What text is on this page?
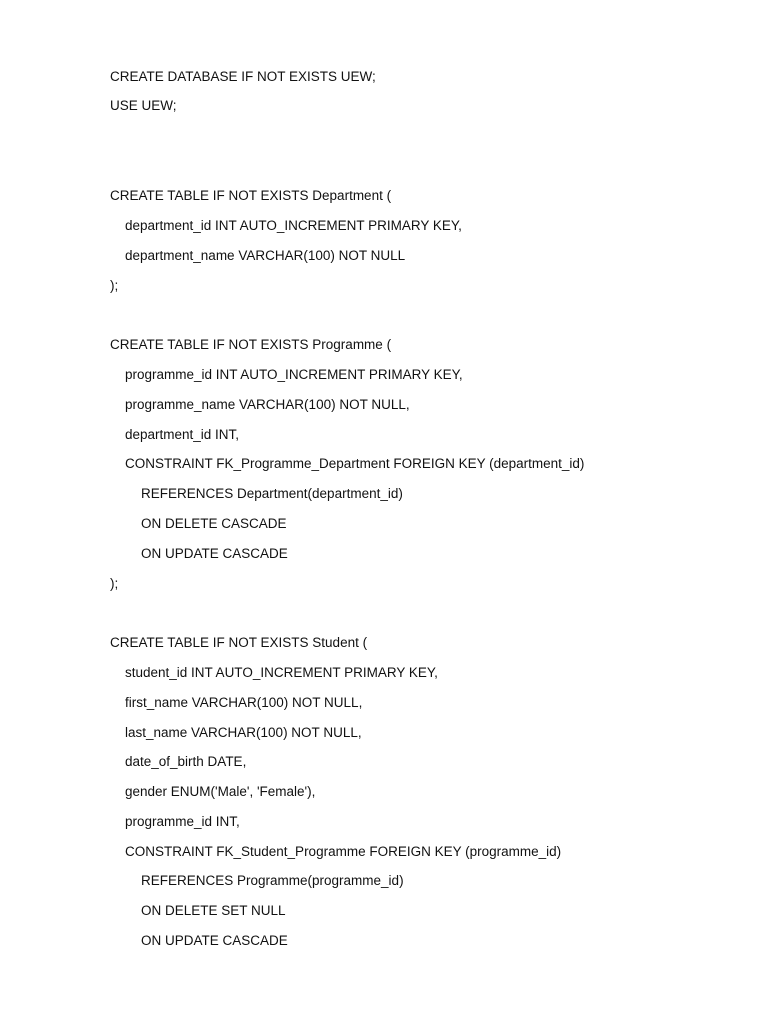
CREATE DATABASE IF NOT EXISTS UEW;
USE UEW;
CREATE TABLE IF NOT EXISTS Department (
department_id INT AUTO_INCREMENT PRIMARY KEY,
department_name VARCHAR(100) NOT NULL
);
CREATE TABLE IF NOT EXISTS Programme (
programme_id INT AUTO_INCREMENT PRIMARY KEY,
programme_name VARCHAR(100) NOT NULL,
department_id INT,
CONSTRAINT FK_Programme_Department FOREIGN KEY (department_id)
REFERENCES Department(department_id)
ON DELETE CASCADE
ON UPDATE CASCADE
);
CREATE TABLE IF NOT EXISTS Student (
student_id INT AUTO_INCREMENT PRIMARY KEY,
first_name VARCHAR(100) NOT NULL,
last_name VARCHAR(100) NOT NULL,
date_of_birth DATE,
gender ENUM('Male', 'Female'),
programme_id INT,
CONSTRAINT FK_Student_Programme FOREIGN KEY (programme_id)
REFERENCES Programme(programme_id)
ON DELETE SET NULL
ON UPDATE CASCADE
